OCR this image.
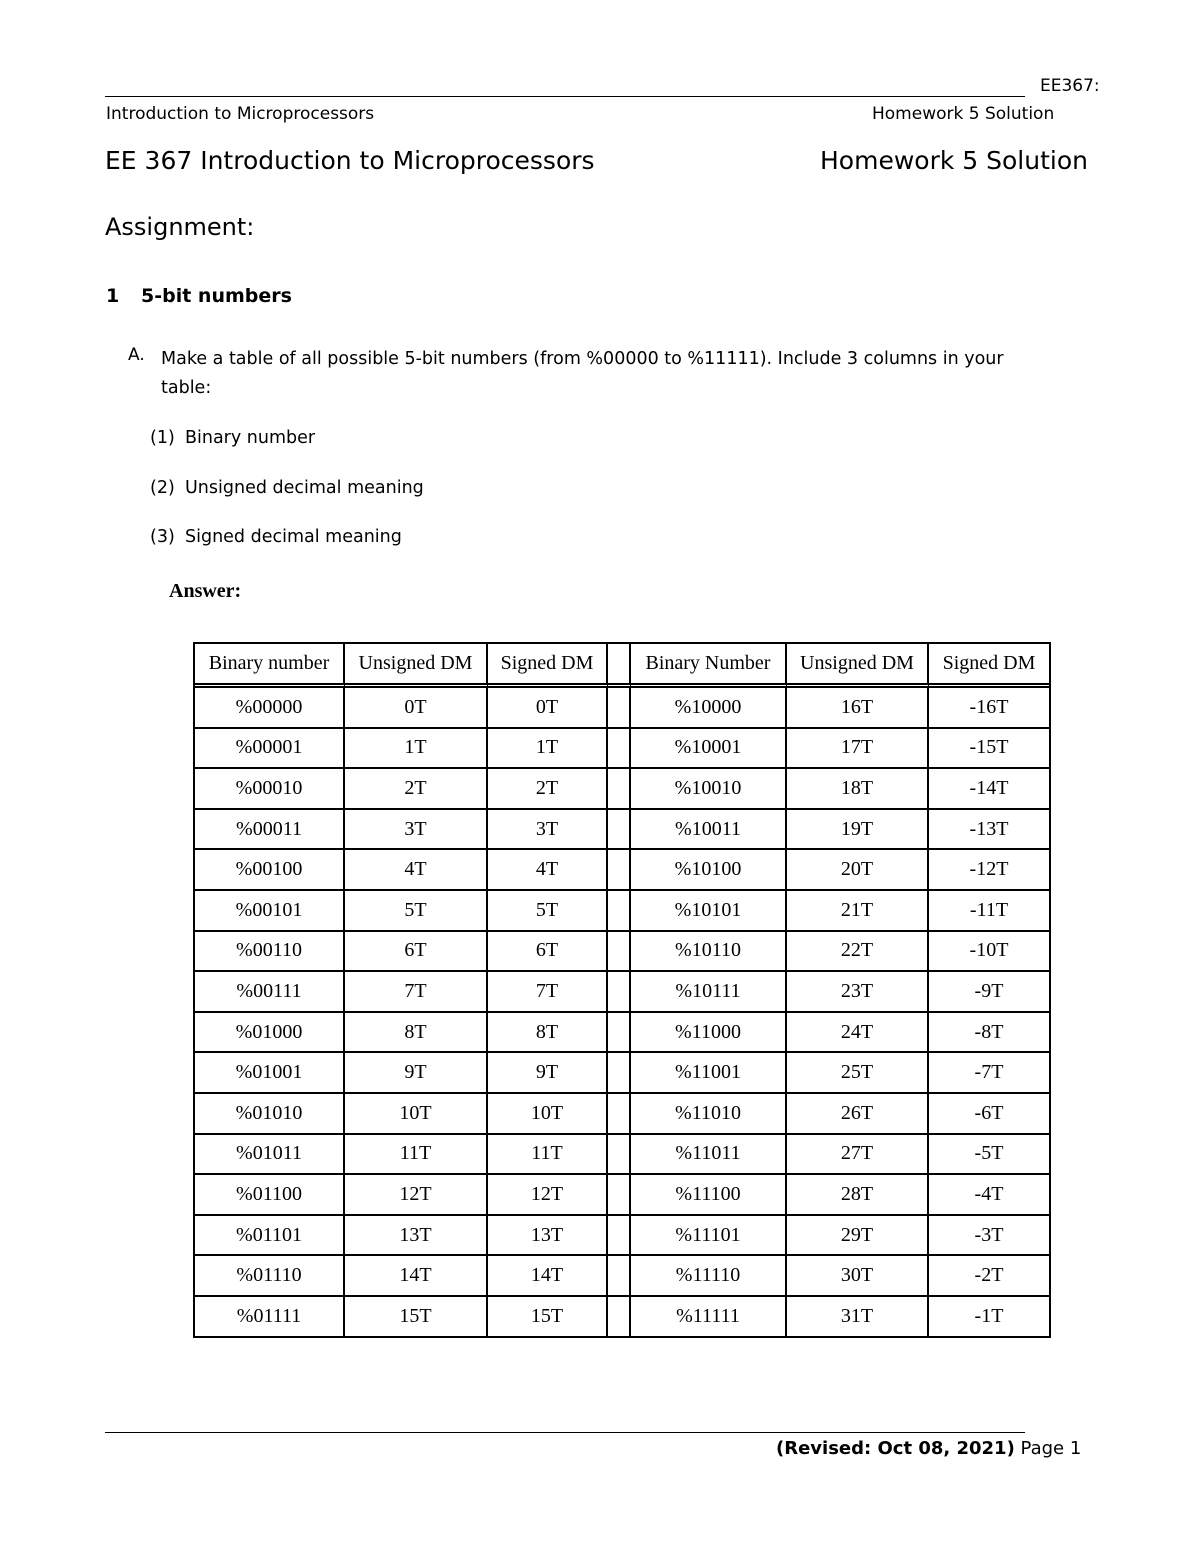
EE367:
Introduction to Microprocessors	Homework 5 Solution
EE 367 Introduction to Microprocessors	Homework 5 Solution
Assignment:
1 5-bit numbers
A. Make a table of all possible 5-bit numbers (from %00000 to %11111). Include 3 columns in your table:
(1) Binary number
(2) Unsigned decimal meaning
(3) Signed decimal meaning
Answer:
Binary number	Unsigned DM	Signed DM		Binary Number	Unsigned DM	Signed DM
%00000	0T	0T		%10000	16T	-16T
%00001	1T	1T		%10001	17T	-15T
%00010	2T	2T		%10010	18T	-14T
%00011	3T	3T		%10011	19T	-13T
%00100	4T	4T		%10100	20T	-12T
%00101	5T	5T		%10101	21T	-11T
%00110	6T	6T		%10110	22T	-10T
%00111	7T	7T		%10111	23T	-9T
%01000	8T	8T		%11000	24T	-8T
%01001	9T	9T		%11001	25T	-7T
%01010	10T	10T		%11010	26T	-6T
%01011	11T	11T		%11011	27T	-5T
%01100	12T	12T		%11100	28T	-4T
%01101	13T	13T		%11101	29T	-3T
%01110	14T	14T		%11110	30T	-2T
%01111	15T	15T		%11111	31T	-1T
(Revised: Oct 08, 2021) Page 1
